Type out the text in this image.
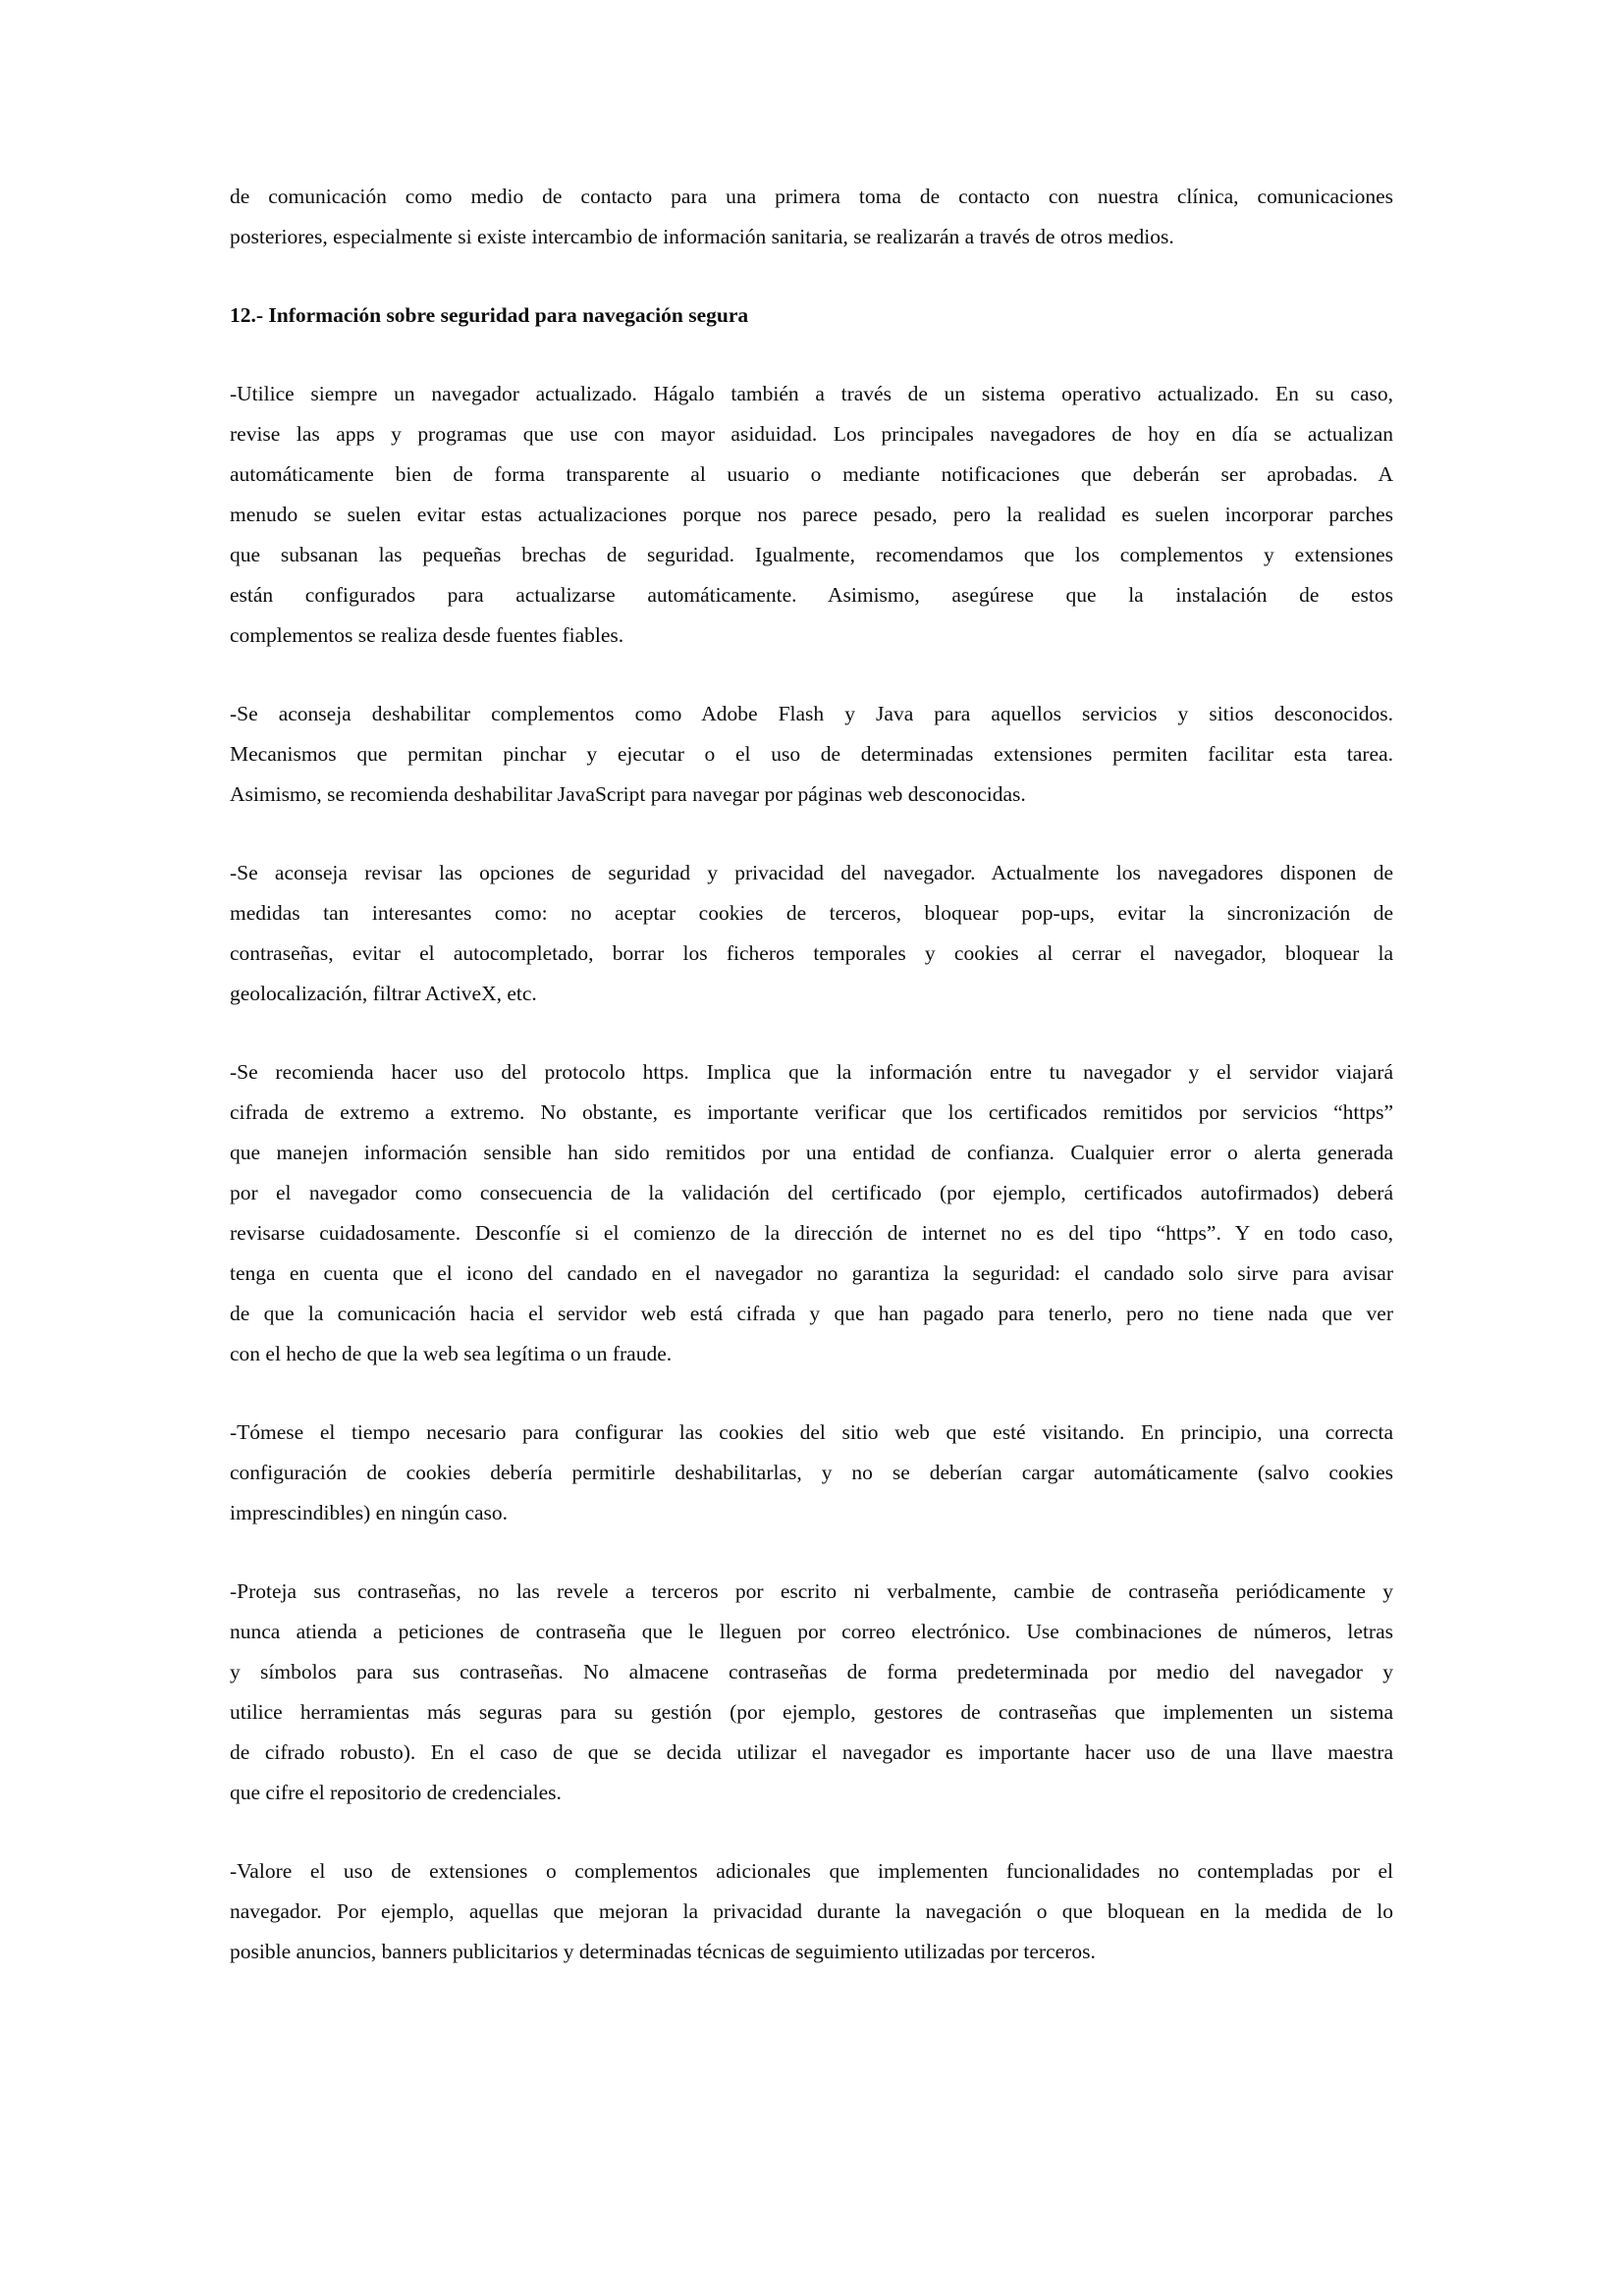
de comunicación como medio de contacto para una primera toma de contacto con nuestra clínica, comunicaciones
posteriores, especialmente si existe intercambio de información sanitaria, se realizarán a través de otros medios.

12.- Información sobre seguridad para navegación segura

-Utilice siempre un navegador actualizado. Hágalo también a través de un sistema operativo actualizado. En su caso,
revise las apps y programas que use con mayor asiduidad. Los principales navegadores de hoy en día se actualizan
automáticamente bien de forma transparente al usuario o mediante notificaciones que deberán ser aprobadas. A
menudo se suelen evitar estas actualizaciones porque nos parece pesado, pero la realidad es suelen incorporar parches
que subsanan las pequeñas brechas de seguridad. Igualmente, recomendamos que los complementos y extensiones
están configurados para actualizarse automáticamente. Asimismo, asegúrese que la instalación de estos
complementos se realiza desde fuentes fiables.

-Se aconseja deshabilitar complementos como Adobe Flash y Java para aquellos servicios y sitios desconocidos.
Mecanismos que permitan pinchar y ejecutar o el uso de determinadas extensiones permiten facilitar esta tarea.
Asimismo, se recomienda deshabilitar JavaScript para navegar por páginas web desconocidas.

-Se aconseja revisar las opciones de seguridad y privacidad del navegador. Actualmente los navegadores disponen de
medidas tan interesantes como: no aceptar cookies de terceros, bloquear pop-ups, evitar la sincronización de
contraseñas, evitar el autocompletado, borrar los ficheros temporales y cookies al cerrar el navegador, bloquear la
geolocalización, filtrar ActiveX, etc.

-Se recomienda hacer uso del protocolo https. Implica que la información entre tu navegador y el servidor viajará
cifrada de extremo a extremo. No obstante, es importante verificar que los certificados remitidos por servicios “https”
que manejen información sensible han sido remitidos por una entidad de confianza. Cualquier error o alerta generada
por el navegador como consecuencia de la validación del certificado (por ejemplo, certificados autofirmados) deberá
revisarse cuidadosamente. Desconfíe si el comienzo de la dirección de internet no es del tipo “https”. Y en todo caso,
tenga en cuenta que el icono del candado en el navegador no garantiza la seguridad: el candado solo sirve para avisar
de que la comunicación hacia el servidor web está cifrada y que han pagado para tenerlo, pero no tiene nada que ver
con el hecho de que la web sea legítima o un fraude.

-Tómese el tiempo necesario para configurar las cookies del sitio web que esté visitando. En principio, una correcta
configuración de cookies debería permitirle deshabilitarlas, y no se deberían cargar automáticamente (salvo cookies
imprescindibles) en ningún caso.

-Proteja sus contraseñas, no las revele a terceros por escrito ni verbalmente, cambie de contraseña periódicamente y
nunca atienda a peticiones de contraseña que le lleguen por correo electrónico. Use combinaciones de números, letras
y símbolos para sus contraseñas. No almacene contraseñas de forma predeterminada por medio del navegador y
utilice herramientas más seguras para su gestión (por ejemplo, gestores de contraseñas que implementen un sistema
de cifrado robusto). En el caso de que se decida utilizar el navegador es importante hacer uso de una llave maestra
que cifre el repositorio de credenciales.

-Valore el uso de extensiones o complementos adicionales que implementen funcionalidades no contempladas por el
navegador. Por ejemplo, aquellas que mejoran la privacidad durante la navegación o que bloquean en la medida de lo
posible anuncios, banners publicitarios y determinadas técnicas de seguimiento utilizadas por terceros.
